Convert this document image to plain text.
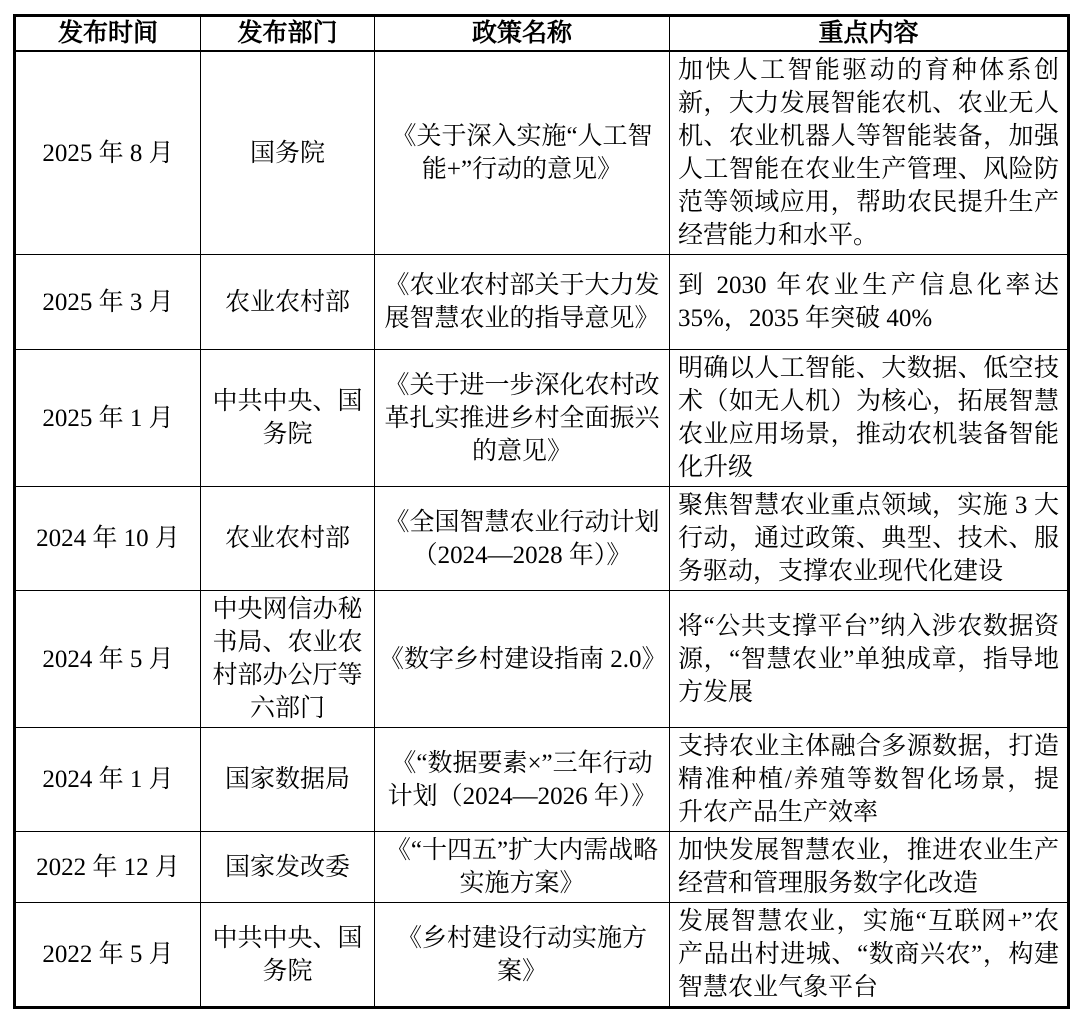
发布时间	发布部门	政策名称	重点内容
2025 年 8 月	国务院	《关于深入实施“人工智能+”行动的意见》	加快人工智能驱动的育种体系创新，大力发展智能农机、农业无人机、农业机器人等智能装备，加强人工智能在农业生产管理、风险防范等领域应用，帮助农民提升生产经营能力和水平。
2025 年 3 月	农业农村部	《农业农村部关于大力发展智慧农业的指导意见》	到 2030 年农业生产信息化率达 35%，2035 年突破 40%
2025 年 1 月	中共中央、国务院	《关于进一步深化农村改革扎实推进乡村全面振兴的意见》	明确以人工智能、大数据、低空技术（如无人机）为核心，拓展智慧农业应用场景，推动农机装备智能化升级
2024 年 10 月	农业农村部	《全国智慧农业行动计划（2024—2028 年）》	聚焦智慧农业重点领域，实施 3 大行动，通过政策、典型、技术、服务驱动，支撑农业现代化建设
2024 年 5 月	中央网信办秘书局、农业农村部办公厅等六部门	《数字乡村建设指南 2.0》	将“公共支撑平台”纳入涉农数据资源，“智慧农业”单独成章，指导地方发展
2024 年 1 月	国家数据局	《“数据要素×”三年行动计划（2024—2026 年）》	支持农业主体融合多源数据，打造精准种植/养殖等数智化场景，提升农产品生产效率
2022 年 12 月	国家发改委	《“十四五”扩大内需战略实施方案》	加快发展智慧农业，推进农业生产经营和管理服务数字化改造
2022 年 5 月	中共中央、国务院	《乡村建设行动实施方案》	发展智慧农业，实施“互联网+”农产品出村进城、“数商兴农”，构建智慧农业气象平台
